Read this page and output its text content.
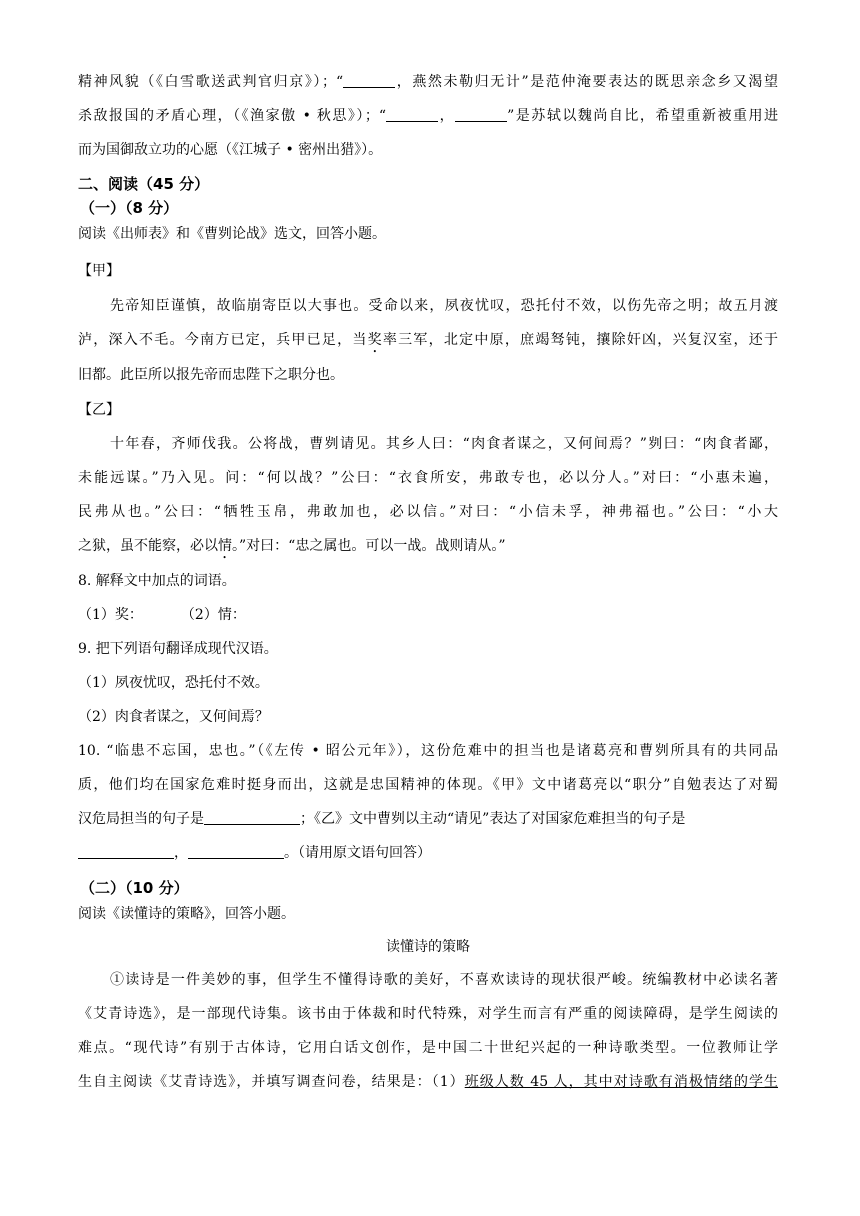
精神风貌（《白雪歌送武判官归京》）；“	，燕然未勒归无计”是范仲淹要表达的既思亲念乡又渴望
杀敌报国的矛盾心理，（《渔家傲 • 秋思》）；“	，	”是苏轼以魏尚自比，希望重新被重用进
而为国御敌立功的心愿（《江城子 • 密州出猎》）。
二、阅读（45 分）
（一）（8 分）
阅读《出师表》和《曹刿论战》选文，回答小题。
【甲】
先帝知臣谨慎，故临崩寄臣以大事也。受命以来，夙夜忧叹，恐托付不效，以伤先帝之明；故五月渡
泸，深入不毛。今南方已定，兵甲已足，当奖率三军，北定中原，庶竭驽钝，攘除奸凶，兴复汉室，还于
旧都。此臣所以报先帝而忠陛下之职分也。
【乙】
十年春，齐师伐我。公将战，曹刿请见。其乡人曰：“肉食者谋之，又何间焉？”刿曰：“肉食者鄙，
未能远谋。”乃入见。问：“何以战？”公曰：“衣食所安，弗敢专也，必以分人。”对曰：“小惠未遍，
民弗从也。”公曰：“牺牲玉帛，弗敢加也，必以信。”对曰：“小信未孚，神弗福也。”公曰：“小大
之狱，虽不能察，必以情。”对曰：“忠之属也。可以一战。战则请从。”
8. 解释文中加点的词语。
（1）奖：	（2）情：
9. 把下列语句翻译成现代汉语。
（1）夙夜忧叹，恐托付不效。
（2）肉食者谋之，又何间焉？
10. “临患不忘国，忠也。”（《左传 • 昭公元年》），这份危难中的担当也是诸葛亮和曹刿所具有的共同品
质，他们均在国家危难时挺身而出，这就是忠国精神的体现。《甲》文中诸葛亮以“职分”自勉表达了对蜀
汉危局担当的句子是	；《乙》文中曹刿以主动“请见”表达了对国家危难担当的句子是
，	。（请用原文语句回答）
（二）（10 分）
阅读《读懂诗的策略》，回答小题。
读懂诗的策略
①读诗是一件美妙的事，但学生不懂得诗歌的美好，不喜欢读诗的现状很严峻。统编教材中必读名著
《艾青诗选》，是一部现代诗集。该书由于体裁和时代特殊，对学生而言有严重的阅读障碍，是学生阅读的
难点。“现代诗”有别于古体诗，它用白话文创作，是中国二十世纪兴起的一种诗歌类型。一位教师让学
生自主阅读《艾青诗选》，并填写调查问卷，结果是：（1）班级人数 45 人，其中对诗歌有消极情绪的学生
